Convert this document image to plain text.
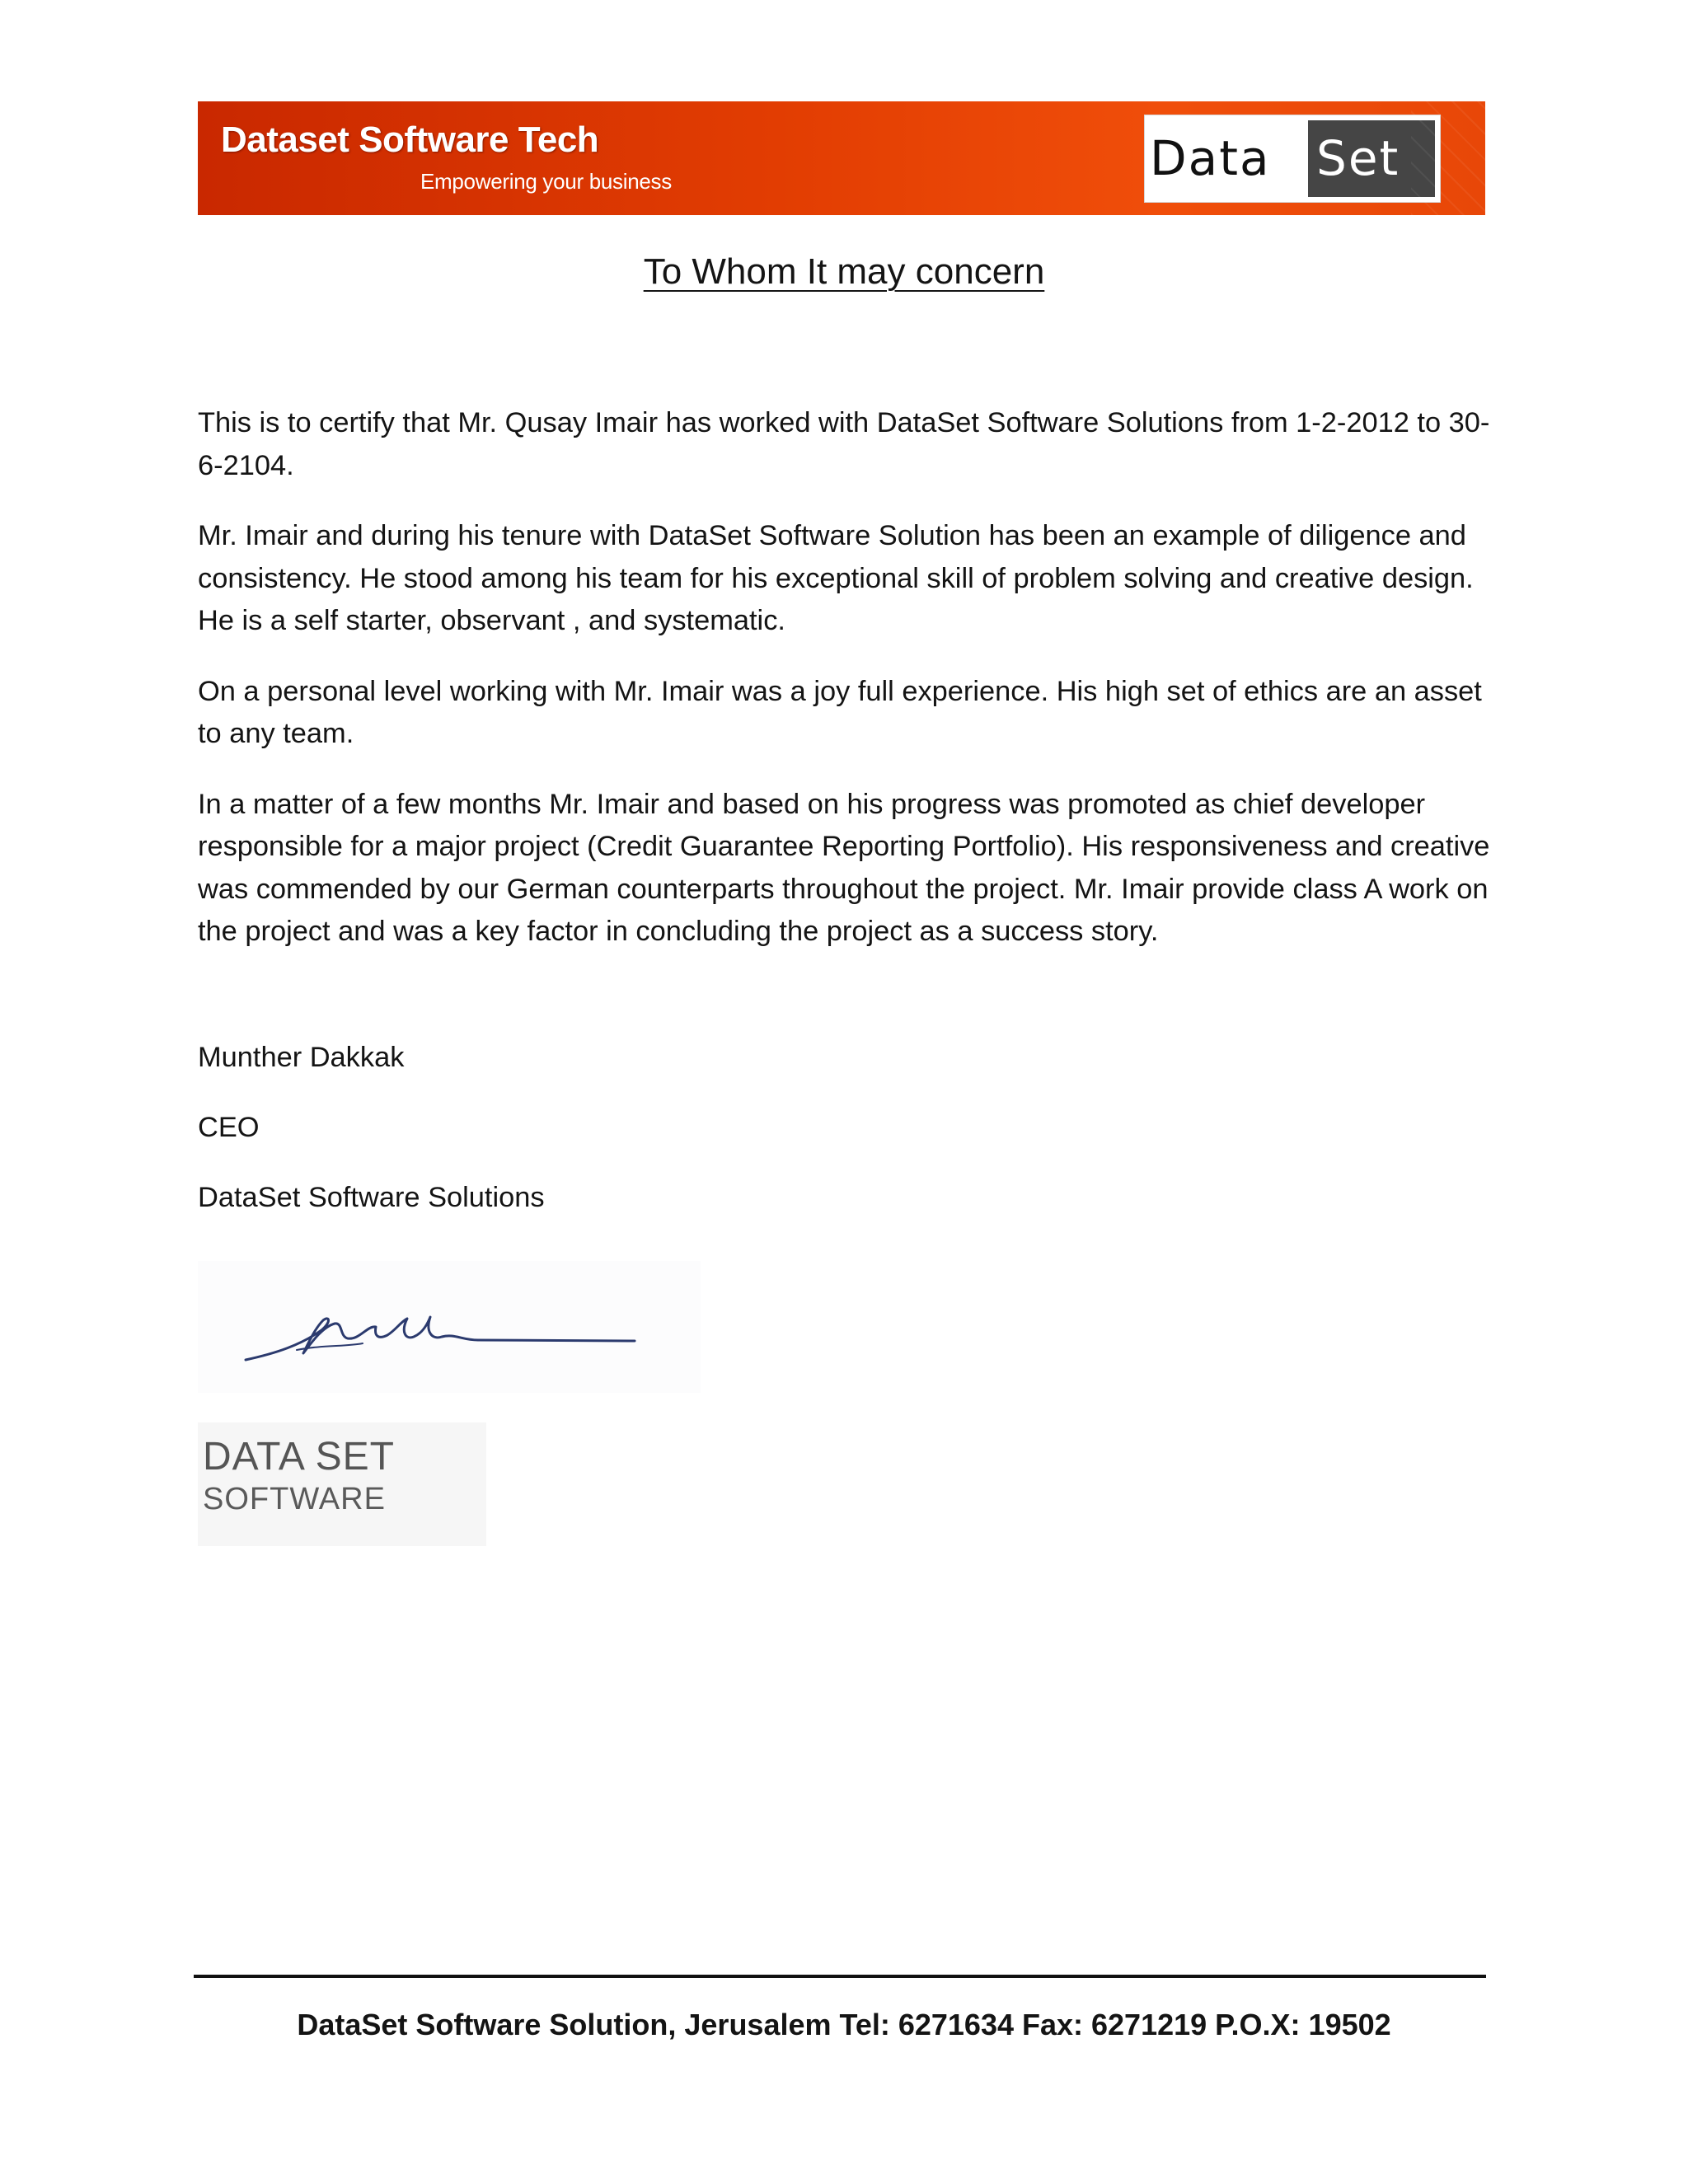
Dataset Software Tech
Empowering your business	Data Set
To Whom It may concern

This is to certify that Mr. Qusay Imair has worked with DataSet Software Solutions from 1-2-2012 to 30-6-2104.

Mr. Imair and during his tenure with DataSet Software Solution has been an example of diligence and consistency. He stood among his team for his exceptional skill of problem solving and creative design. He is a self starter, observant , and systematic.

On a personal level working with Mr. Imair was a joy full experience. His high set of ethics are an asset to any team.

In a matter of a few months Mr. Imair and based on his progress was promoted as chief developer responsible for a major project (Credit Guarantee Reporting Portfolio). His responsiveness and creative was commended by our German counterparts throughout the project. Mr. Imair provide class A work on the project and was a key factor in concluding the project as a success story.

Munther Dakkak
CEO
DataSet Software Solutions
DATA SET
SOFTWARE
DataSet Software Solution, Jerusalem Tel: 6271634 Fax: 6271219 P.O.X: 19502
